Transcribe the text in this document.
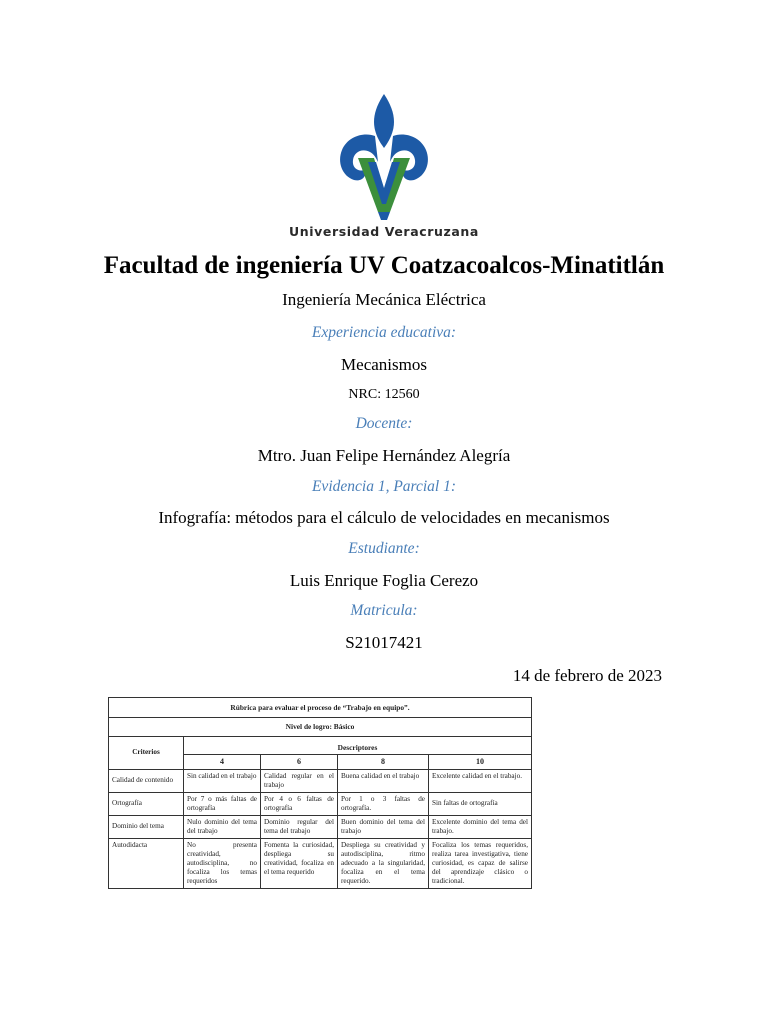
Universidad Veracruzana
Facultad de ingeniería UV Coatzacoalcos-Minatitlán
Ingeniería Mecánica Eléctrica
Experiencia educativa:
Mecanismos
NRC: 12560
Docente:
Mtro. Juan Felipe Hernández Alegría
Evidencia 1, Parcial 1:
Infografía: métodos para el cálculo de velocidades en mecanismos
Estudiante:
Luis Enrique Foglia Cerezo
Matricula:
S21017421
14 de febrero de 2023
Rúbrica para evaluar el proceso de “Trabajo en equipo”.				
Nivel de logro: Básico				
Criterios	Descriptores			
	4	6	8	10
Calidad de contenido	Sin calidad en el trabajo	Calidad regular en el trabajo	Buena calidad en el trabajo	Excelente calidad en el trabajo.
Ortografía	Por 7 o más faltas de ortografía	Por 4 o 6 faltas de ortografía	Por 1 o 3 faltas de ortografía.	Sin faltas de ortografía
Dominio del tema	Nulo dominio del tema del trabajo	Dominio regular del tema del trabajo	Buen dominio del tema del trabajo	Excelente dominio del tema del trabajo.
Autodidacta	No presenta creatividad, autodisciplina, no focaliza los temas requeridos	Fomenta la curiosidad, despliega su creatividad, focaliza en el tema requerido	Despliega su creatividad y autodisciplina, ritmo adecuado a la singularidad, focaliza en el tema requerido.	Focaliza los temas requeridos, realiza tarea investigativa, tiene curiosidad, es capaz de salirse del aprendizaje clásico o tradicional.
